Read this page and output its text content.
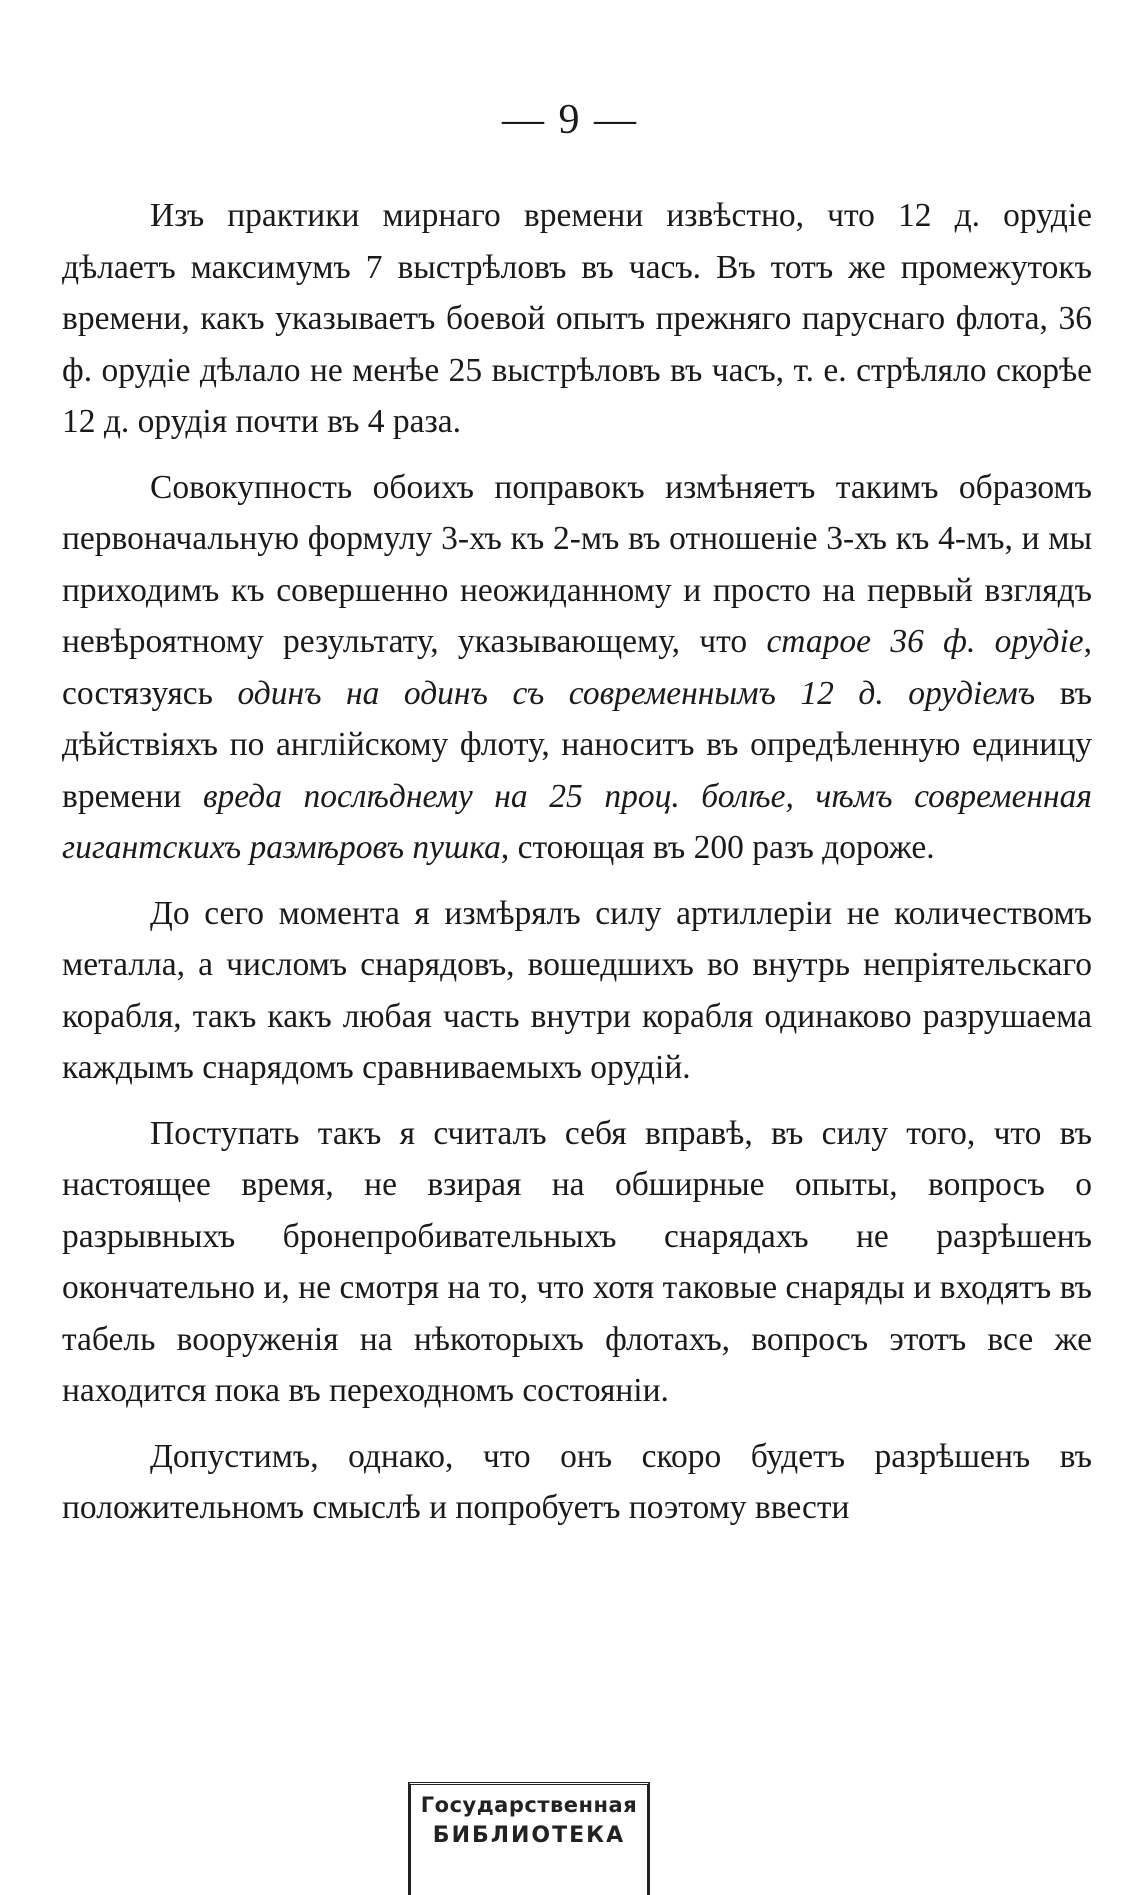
— 9 —

Изъ практики мирнаго времени извѣстно, что 12 д. орудіе дѣлаетъ максимумъ 7 выстрѣловъ въ часъ. Въ тотъ же промежутокъ времени, какъ указываетъ боевой опытъ прежняго паруснаго флота, 36 ф. орудіе дѣлало не менѣе 25 выстрѣловъ въ часъ, т. е. стрѣляло скорѣе 12 д. орудія почти въ 4 раза.

Совокупность обоихъ поправокъ измѣняетъ такимъ образомъ первоначальную формулу 3-хъ къ 2-мъ въ отношеніе 3-хъ къ 4-мъ, и мы приходимъ къ совершенно неожиданному и просто на первый взглядъ невѣроятному результату, указывающему, что старое 36 ф. орудіе, состязуясь одинъ на одинъ съ современнымъ 12 д. орудіемъ въ дѣйствіяхъ по англійскому флоту, наноситъ въ опредѣленную единицу времени вреда послѣднему на 25 проц. болѣе, чѣмъ современная гигантскихъ размѣровъ пушка, стоющая въ 200 разъ дороже.

До сего момента я измѣрялъ силу артиллеріи не количествомъ металла, а числомъ снарядовъ, вошедшихъ во внутрь непріятельскаго корабля, такъ какъ любая часть внутри корабля одинаково разрушаема каждымъ снарядомъ сравниваемыхъ орудій.

Поступать такъ я считалъ себя вправѣ, въ силу того, что въ настоящее время, не взирая на обширные опыты, вопросъ о разрывныхъ бронепробивательныхъ снарядахъ не разрѣшенъ окончательно и, не смотря на то, что хотя таковые снаряды и входятъ въ табель вооруженія на нѣкоторыхъ флотахъ, вопросъ этотъ все же находится пока въ переходномъ состояніи.

Допустимъ, однако, что онъ скоро будетъ разрѣшенъ въ положительномъ смыслѣ и попробуетъ поэтому ввести

Государственная
БИБЛИОТЕКА
